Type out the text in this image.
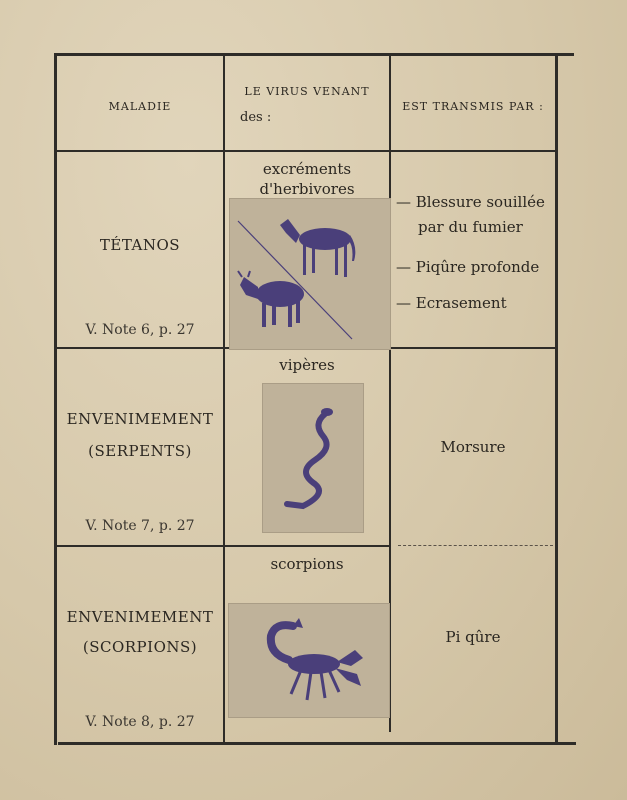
MALADIE
LE VIRUS VENANT
des :
EST TRANSMIS PAR :
TÉTANOS
V. Note 6, p. 27
excréments
d'herbivores
— Blessure souillée
par du fumier
— Piqûre profonde
— Ecrasement
ENVENIMEMENT
(SERPENTS)
V. Note 7, p. 27
vipères
Morsure
ENVENIMEMENT
(SCORPIONS)
V. Note 8, p. 27
scorpions
Pi qûre
